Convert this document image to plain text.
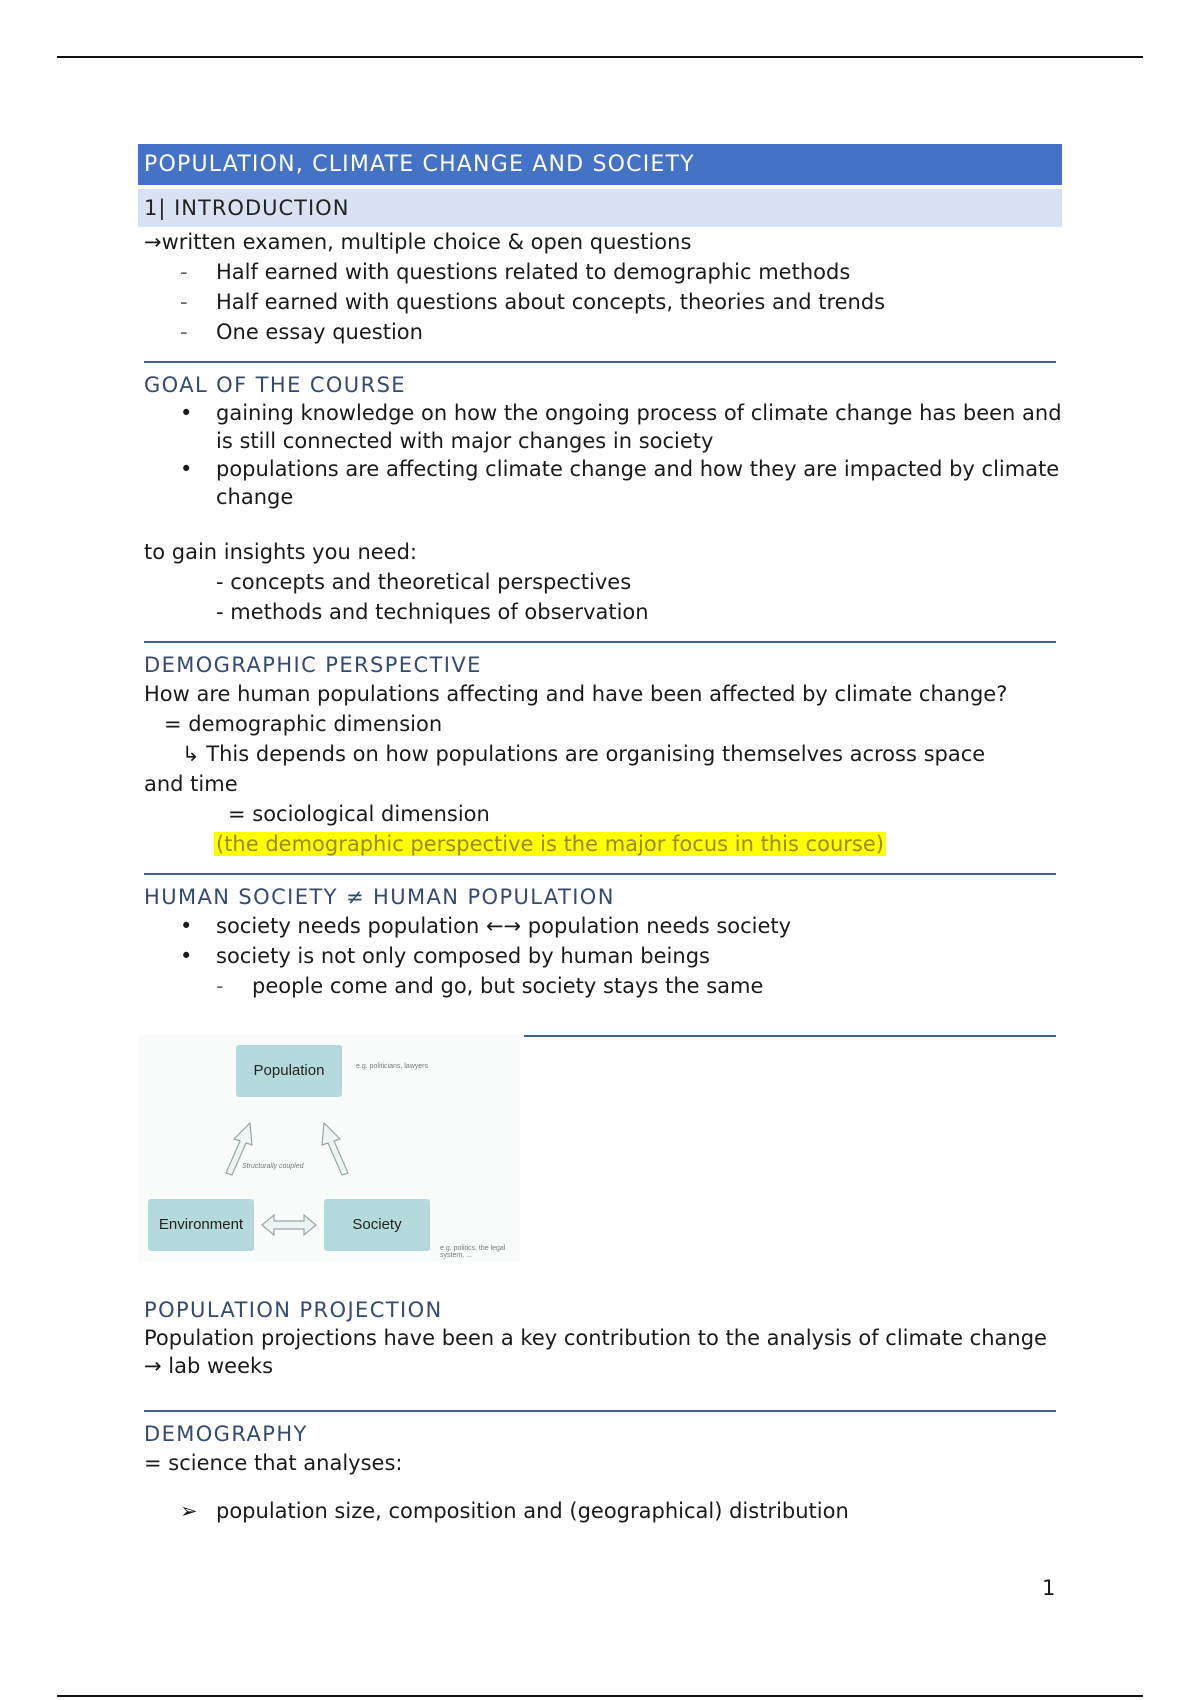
POPULATION, CLIMATE CHANGE AND SOCIETY
1| INTRODUCTION
→written examen, multiple choice & open questions
- Half earned with questions related to demographic methods
- Half earned with questions about concepts, theories and trends
- One essay question
GOAL OF THE COURSE
• gaining knowledge on how the ongoing process of climate change has been and is still connected with major changes in society
• populations are affecting climate change and how they are impacted by climate change
to gain insights you need:
- concepts and theoretical perspectives
- methods and techniques of observation
DEMOGRAPHIC PERSPECTIVE
How are human populations affecting and have been affected by climate change?
= demographic dimension
↳ This depends on how populations are organising themselves across space
and time
= sociological dimension
(the demographic perspective is the major focus in this course)
HUMAN SOCIETY ≠ HUMAN POPULATION
• society needs population ←→ population needs society
• society is not only composed by human beings
- people come and go, but society stays the same
POPULATION PROJECTION
Population projections have been a key contribution to the analysis of climate change → lab weeks
DEMOGRAPHY
= science that analyses:
➢ population size, composition and (geographical) distribution
Population	e.g. politicians, lawyers
Environment	Society
e.g. politics, the legal system, ...
Structurally coupled
1
